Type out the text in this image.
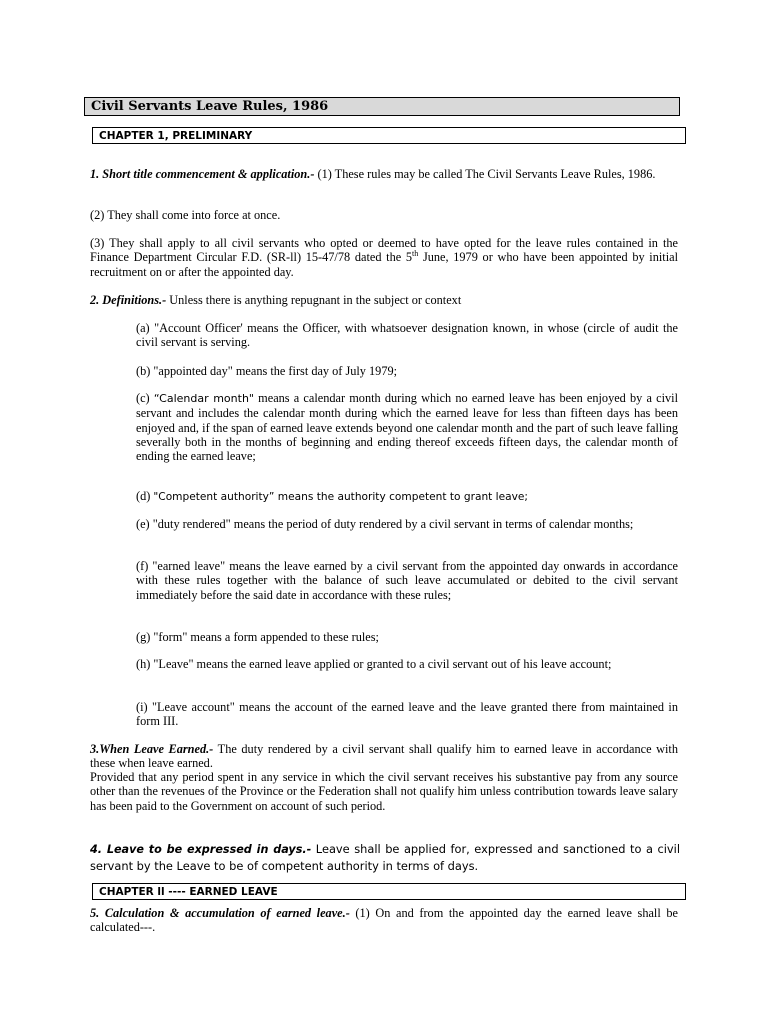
Civil Servants Leave Rules, 1986
CHAPTER 1, PRELIMINARY
1. Short title commencement & application.- (1) These rules may be called The Civil Servants Leave Rules, 1986.
(2) They shall come into force at once.
(3) They shall apply to all civil servants who opted or deemed to have opted for the leave rules contained in the Finance Department Circular F.D. (SR-ll) 15-47/78 dated the 5th June, 1979 or who have been appointed by initial recruitment on or after the appointed day.
2. Definitions.- Unless there is anything repugnant in the subject or context
(a) "Account Officer' means the Officer, with whatsoever designation known, in whose (circle of audit the civil servant is serving.
(b) "appointed day" means the first day of July 1979;
(c) “Calendar month" means a calendar month during which no earned leave has been enjoyed by a civil servant and includes the calendar month during which the earned leave for less than fifteen days has been enjoyed and, if the span of earned leave extends beyond one calendar month and the part of such leave falling severally both in the months of beginning and ending thereof exceeds fifteen days, the calendar month of ending the earned leave;
(d) "Competent authority” means the authority competent to grant leave;
(e) "duty rendered" means the period of duty rendered by a civil servant in terms of calendar months;
(f) "earned leave" means the leave earned by a civil servant from the appointed day onwards in accordance with these rules together with the balance of such leave accumulated or debited to the civil servant immediately before the said date in accordance with these rules;
(g) "form" means a form appended to these rules;
(h) "Leave" means the earned leave applied or granted to a civil servant out of his leave account;
(i) "Leave account" means the account of the earned leave and the leave granted there from maintained in form III.
3.When Leave Earned.- The duty rendered by a civil servant shall qualify him to earned leave in accordance with these when leave earned.
Provided that any period spent in any service in which the civil servant receives his substantive pay from any source other than the revenues of the Province or the Federation shall not qualify him unless contribution towards leave salary has been paid to the Government on account of such period.
4. Leave to be expressed in days.- Leave shall be applied for, expressed and sanctioned to a civil servant by the Leave to be of competent authority in terms of days.
CHAPTER ll ---- EARNED LEAVE
5. Calculation & accumulation of earned leave.- (1) On and from the appointed day the earned leave shall be calculated---.
